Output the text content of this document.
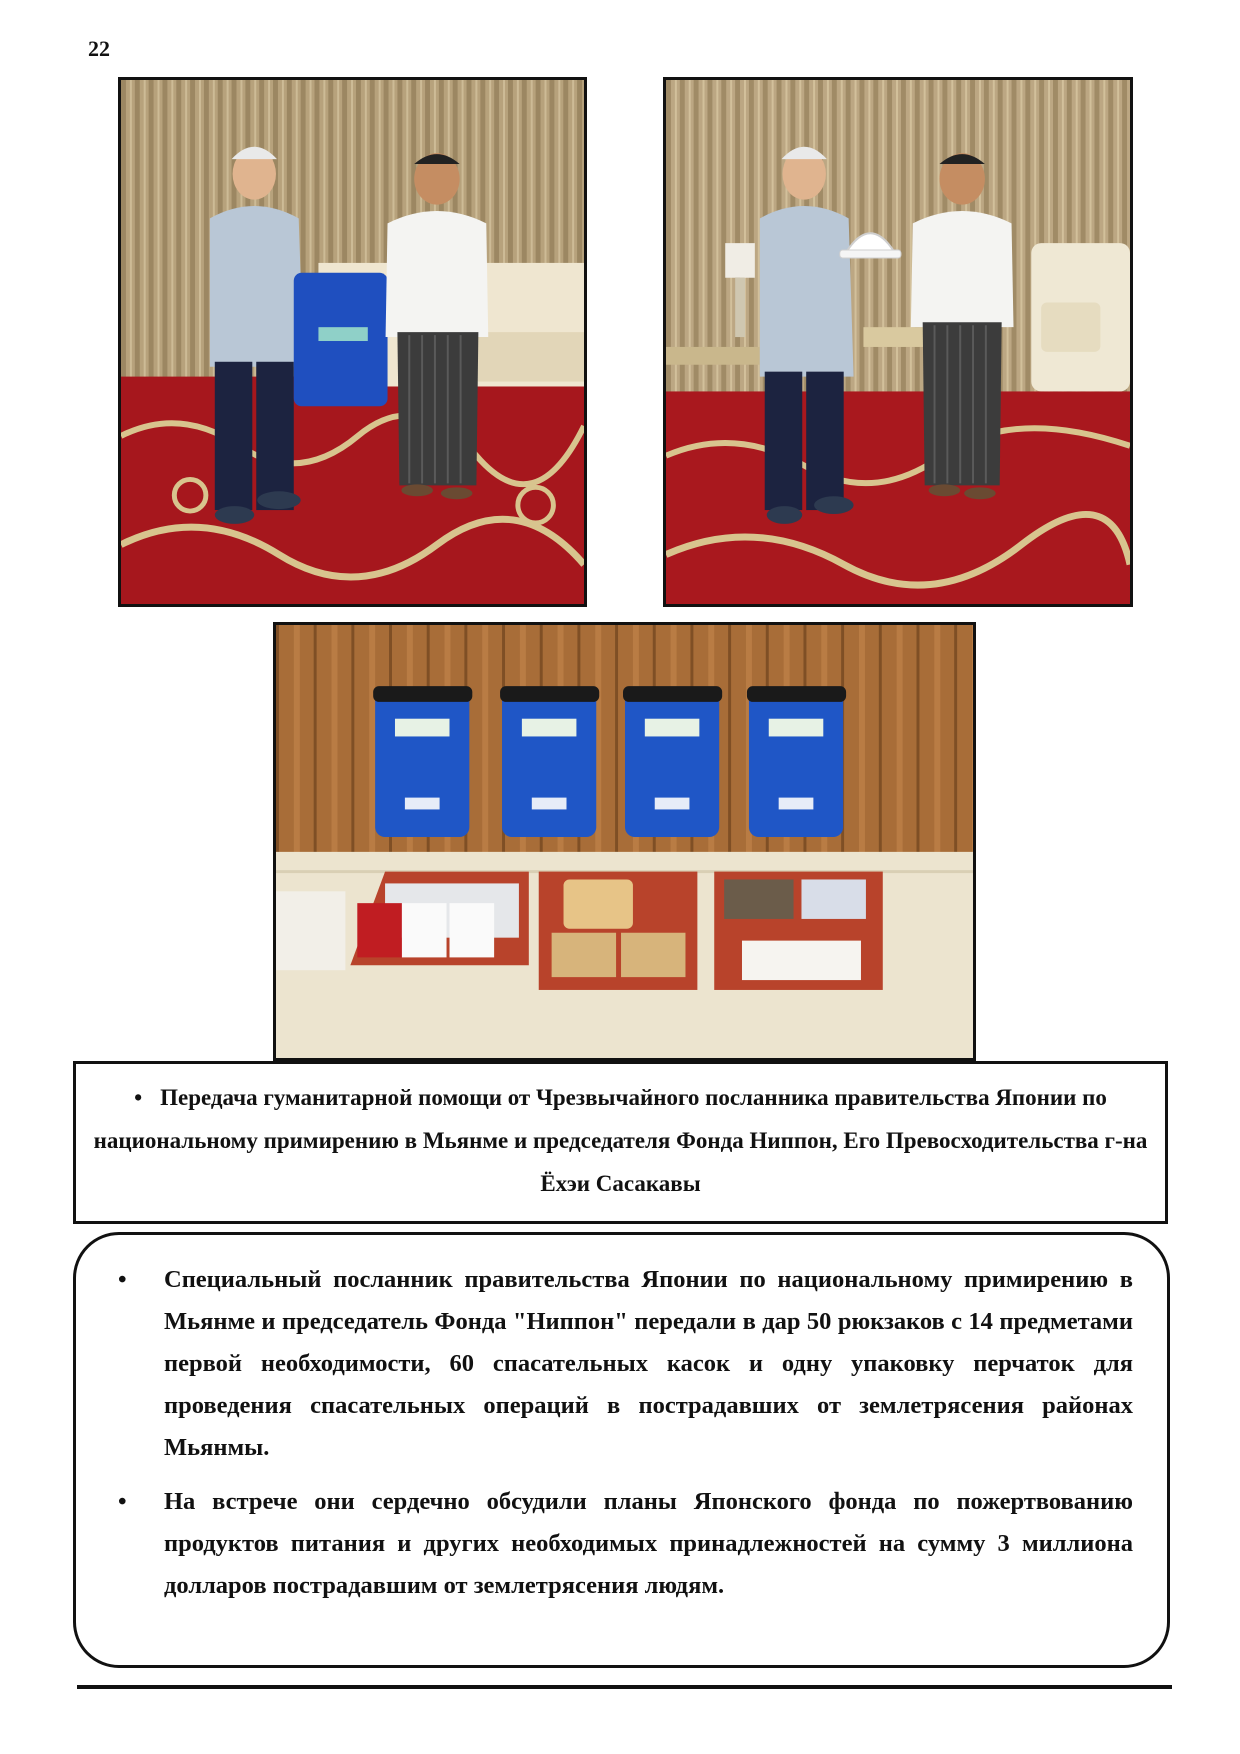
22
• Передача гуманитарной помощи от Чрезвычайного посланника правительства Японии по национальному примирению в Мьянме и председателя Фонда Ниппон, Его Превосходительства г-на Ёхэи Сасакавы
• Специальный посланник правительства Японии по национальному примирению в Мьянме и председатель Фонда "Ниппон" передали в дар 50 рюкзаков с 14 предметами первой необходимости, 60 спасательных касок и одну упаковку перчаток для проведения спасательных операций в пострадавших от землетрясения районах Мьянмы.
• На встрече они сердечно обсудили планы Японского фонда по пожертвованию продуктов питания и других необходимых принадлежностей на сумму 3 миллиона долларов пострадавшим от землетрясения людям.
